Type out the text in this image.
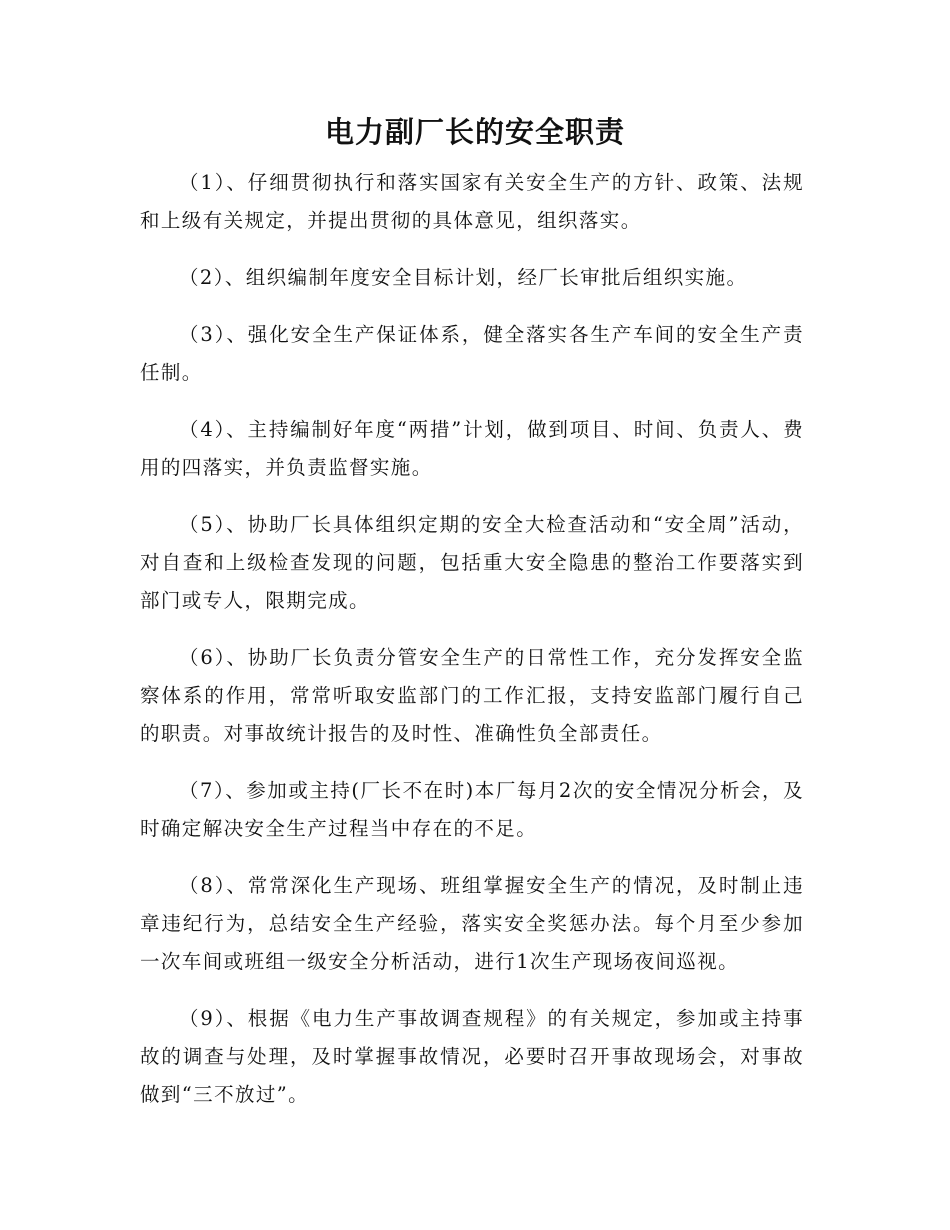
电力副厂长的安全职责

（1）、仔细贯彻执行和落实国家有关安全生产的方针、政策、法规和上级有关规定，并提出贯彻的具体意见，组织落实。

（2）、组织编制年度安全目标计划，经厂长审批后组织实施。

（3）、强化安全生产保证体系，健全落实各生产车间的安全生产责任制。

（4）、主持编制好年度“两措”计划，做到项目、时间、负责人、费用的四落实，并负责监督实施。

（5）、协助厂长具体组织定期的安全大检查活动和“安全周”活动，对自查和上级检查发现的问题，包括重大安全隐患的整治工作要落实到部门或专人，限期完成。

（6）、协助厂长负责分管安全生产的日常性工作，充分发挥安全监察体系的作用，常常听取安监部门的工作汇报，支持安监部门履行自己的职责。对事故统计报告的及时性、准确性负全部责任。

（7）、参加或主持(厂长不在时)本厂每月2次的安全情况分析会，及时确定解决安全生产过程当中存在的不足。

（8）、常常深化生产现场、班组掌握安全生产的情况，及时制止违章违纪行为，总结安全生产经验，落实安全奖惩办法。每个月至少参加一次车间或班组一级安全分析活动，进行1次生产现场夜间巡视。

（9）、根据《电力生产事故调查规程》的有关规定，参加或主持事故的调查与处理，及时掌握事故情况，必要时召开事故现场会，对事故做到“三不放过”。
